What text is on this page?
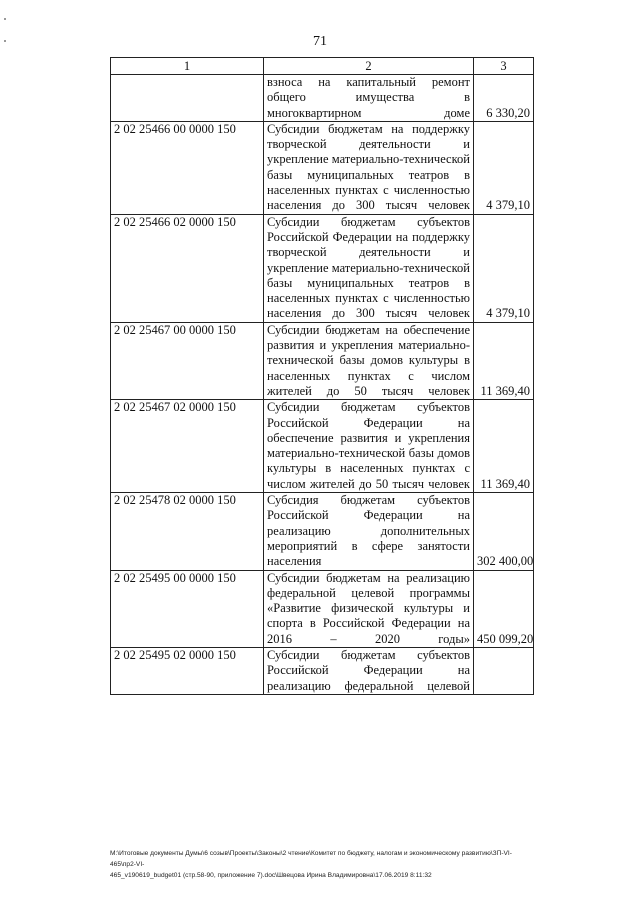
71
1	2	3
	взноса на капитальный ремонт общего имущества в многоквартирном доме	6 330,20
2 02 25466 00 0000 150	Субсидии бюджетам на поддержку творческой деятельности и укрепление материально-технической базы муниципальных театров в населенных пунктах с численностью населения до 300 тысяч человек	4 379,10
2 02 25466 02 0000 150	Субсидии бюджетам субъектов Российской Федерации на поддержку творческой деятельности и укрепление материально-технической базы муниципальных театров в населенных пунктах с численностью населения до 300 тысяч человек	4 379,10
2 02 25467 00 0000 150	Субсидии бюджетам на обеспечение развития и укрепления материально-технической базы домов культуры в населенных пунктах с числом жителей до 50 тысяч человек	11 369,40
2 02 25467 02 0000 150	Субсидии бюджетам субъектов Российской Федерации на обеспечение развития и укрепления материально-технической базы домов культуры в населенных пунктах с числом жителей до 50 тысяч человек	11 369,40
2 02 25478 02 0000 150	Субсидия бюджетам субъектов Российской Федерации на реализацию дополнительных мероприятий в сфере занятости населения	302 400,00
2 02 25495 00 0000 150	Субсидии бюджетам на реализацию федеральной целевой программы «Развитие физической культуры и спорта в Российской Федерации на 2016 – 2020 годы»	450 099,20
2 02 25495 02 0000 150	Субсидии бюджетам субъектов Российской Федерации на реализацию федеральной целевой	
M:\Итоговые документы Думы\6 созыв\Проекты\Законы\2 чтение\Комитет по бюджету, налогам и экономическому развитию\ЗП-VI-465\пр2-VI-
465_v190619_budget01 (стр.58-90, приложение 7).doc\Швецова Ирина Владимировна\17.06.2019 8:11:32
